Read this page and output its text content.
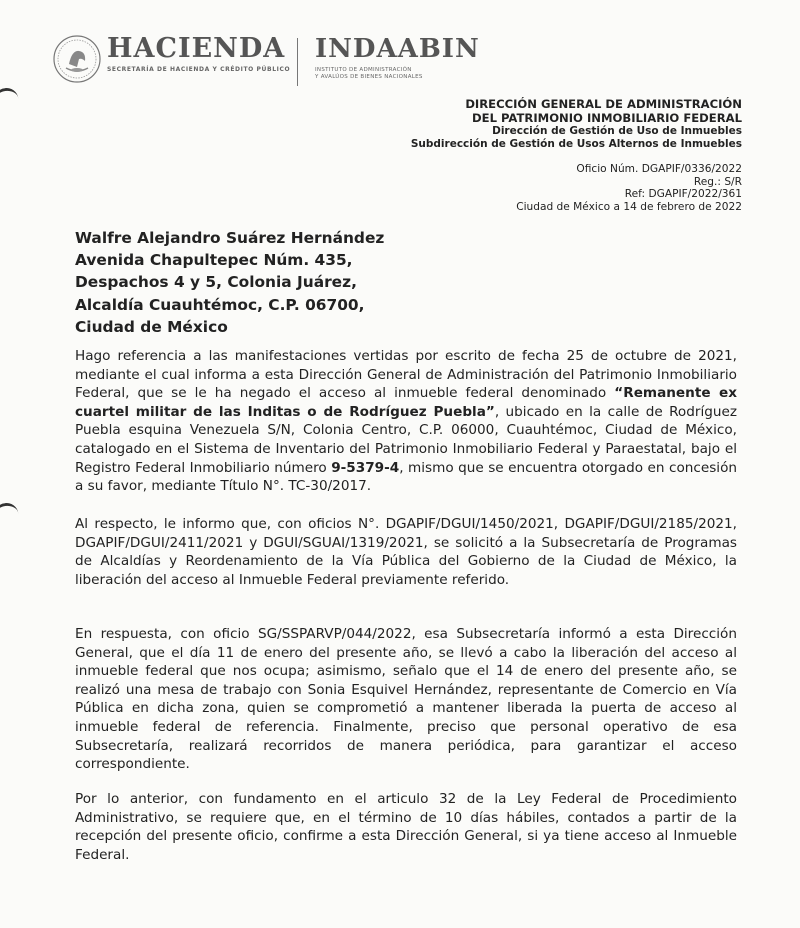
HACIENDA
SECRETARÍA DE HACIENDA Y CRÉDITO PÚBLICO
INDAABIN
INSTITUTO DE ADMINISTRACIÓN
Y AVALÚOS DE BIENES NACIONALES
DIRECCIÓN GENERAL DE ADMINISTRACIÓN
DEL PATRIMONIO INMOBILIARIO FEDERAL
Dirección de Gestión de Uso de Inmuebles
Subdirección de Gestión de Usos Alternos de Inmuebles
Oficio Núm. DGAPIF/0336/2022
Reg.: S/R
Ref: DGAPIF/2022/361
Ciudad de México a 14 de febrero de 2022
Walfre Alejandro Suárez Hernández
Avenida Chapultepec Núm. 435,
Despachos 4 y 5, Colonia Juárez,
Alcaldía Cuauhtémoc, C.P. 06700,
Ciudad de México
Hago referencia a las manifestaciones vertidas por escrito de fecha 25 de octubre de 2021, mediante el cual informa a esta Dirección General de Administración del Patrimonio Inmobiliario Federal, que se le ha negado el acceso al inmueble federal denominado “Remanente ex cuartel militar de las Inditas o de Rodríguez Puebla”, ubicado en la calle de Rodríguez Puebla esquina Venezuela S/N, Colonia Centro, C.P. 06000, Cuauhtémoc, Ciudad de México, catalogado en el Sistema de Inventario del Patrimonio Inmobiliario Federal y Paraestatal, bajo el Registro Federal Inmobiliario número 9-5379-4, mismo que se encuentra otorgado en concesión a su favor, mediante Título N°. TC-30/2017.
Al respecto, le informo que, con oficios N°. DGAPIF/DGUI/1450/2021, DGAPIF/DGUI/2185/2021, DGAPIF/DGUI/2411/2021 y DGUI/SGUAI/1319/2021, se solicitó a la Subsecretaría de Programas de Alcaldías y Reordenamiento de la Vía Pública del Gobierno de la Ciudad de México, la liberación del acceso al Inmueble Federal previamente referido.
En respuesta, con oficio SG/SSPARVP/044/2022, esa Subsecretaría informó a esta Dirección General, que el día 11 de enero del presente año, se llevó a cabo la liberación del acceso al inmueble federal que nos ocupa; asimismo, señalo que el 14 de enero del presente año, se realizó una mesa de trabajo con Sonia Esquivel Hernández, representante de Comercio en Vía Pública en dicha zona, quien se comprometió a mantener liberada la puerta de acceso al inmueble federal de referencia. Finalmente, preciso que personal operativo de esa Subsecretaría, realizará recorridos de manera periódica, para garantizar el acceso correspondiente.
Por lo anterior, con fundamento en el articulo 32 de la Ley Federal de Procedimiento Administrativo, se requiere que, en el término de 10 días hábiles, contados a partir de la recepción del presente oficio, confirme a esta Dirección General, si ya tiene acceso al Inmueble Federal.
